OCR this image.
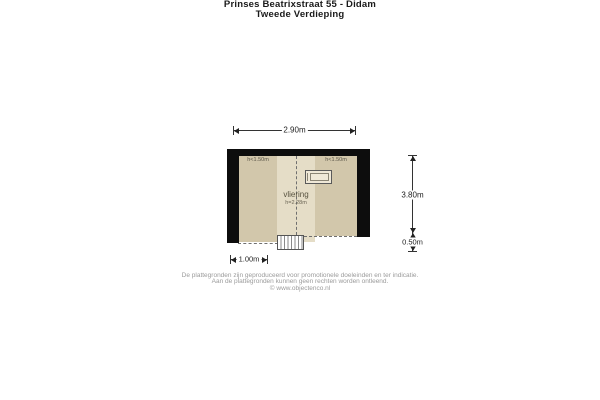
Prinses Beatrixstraat 55 - Didam
Tweede Verdieping
2.90m
h<1.50m	h<1.50m
vliering
h=2.28m
3.80m
0.50m
1.00m
De plattegronden zijn geproduceerd voor promotionele doeleinden en ter indicatie.
Aan de plattegronden kunnen geen rechten worden ontleend.
© www.objectenco.nl
